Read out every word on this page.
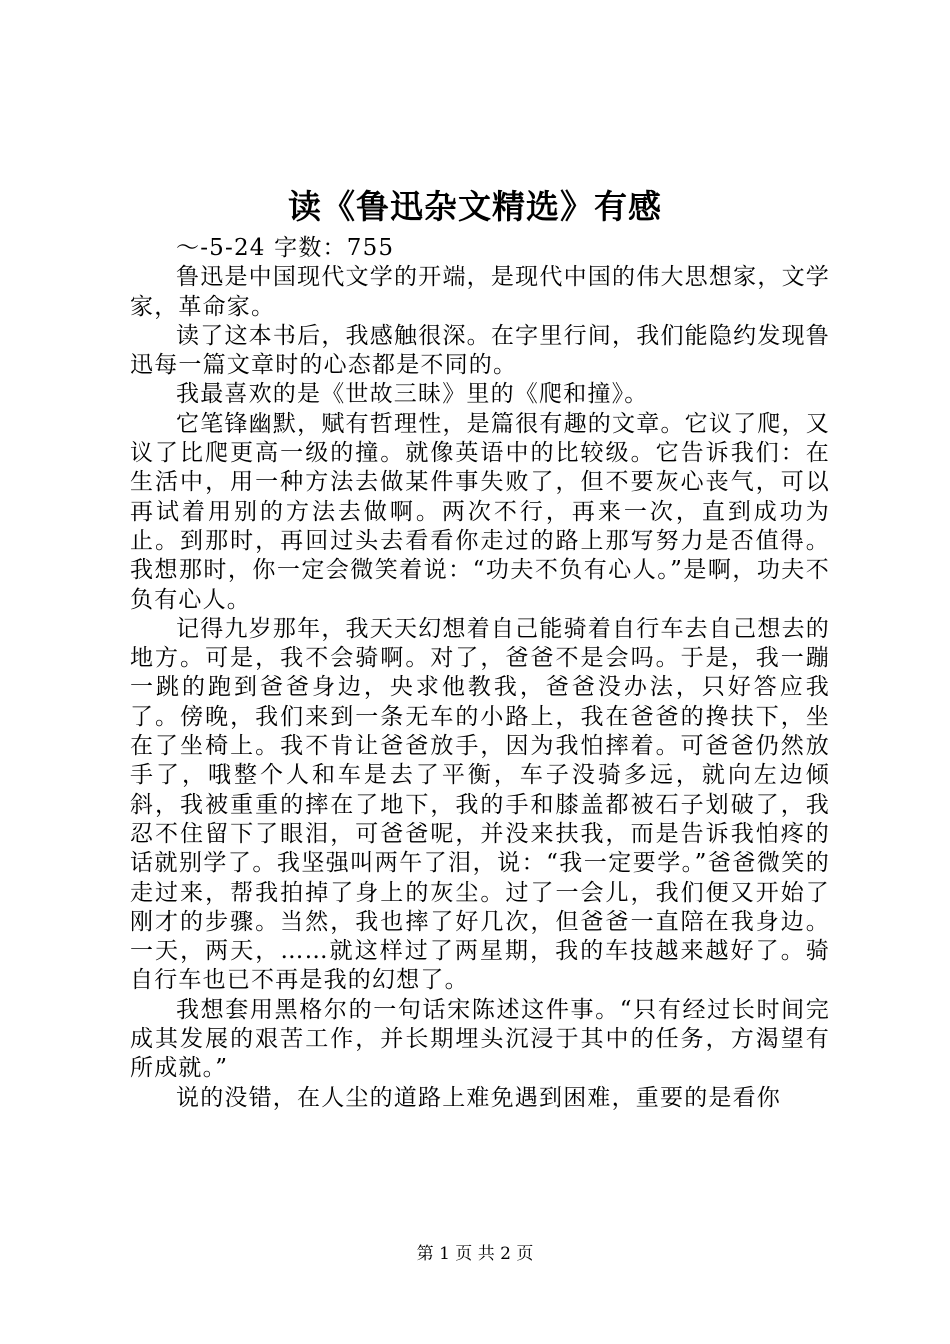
读《鲁迅杂文精选》有感

～-5-24 字数：755

鲁迅是中国现代文学的开端，是现代中国的伟大思想家，文学家，革命家。

读了这本书后，我感触很深。在字里行间，我们能隐约发现鲁迅每一篇文章时的心态都是不同的。

我最喜欢的是《世故三昧》里的《爬和撞》。

它笔锋幽默，赋有哲理性，是篇很有趣的文章。它议了爬，又议了比爬更高一级的撞。就像英语中的比较级。它告诉我们：在生活中，用一种方法去做某件事失败了，但不要灰心丧气，可以再试着用别的方法去做啊。两次不行，再来一次，直到成功为止。到那时，再回过头去看看你走过的路上那写努力是否值得。我想那时，你一定会微笑着说：“功夫不负有心人。”是啊，功夫不负有心人。

记得九岁那年，我天天幻想着自己能骑着自行车去自己想去的地方。可是，我不会骑啊。对了，爸爸不是会吗。于是，我一蹦一跳的跑到爸爸身边，央求他教我，爸爸没办法，只好答应我了。傍晚，我们来到一条无车的小路上，我在爸爸的搀扶下，坐在了坐椅上。我不肯让爸爸放手，因为我怕摔着。可爸爸仍然放手了，哦整个人和车是去了平衡，车子没骑多远，就向左边倾斜，我被重重的摔在了地下，我的手和膝盖都被石子划破了，我忍不住留下了眼泪，可爸爸呢，并没来扶我，而是告诉我怕疼的话就别学了。我坚强叫两午了泪，说：“我一定要学。”爸爸微笑的走过来，帮我拍掉了身上的灰尘。过了一会儿，我们便又开始了刚才的步骤。当然，我也摔了好几次，但爸爸一直陪在我身边。一天，两天，……就这样过了两星期，我的车技越来越好了。骑自行车也已不再是我的幻想了。

我想套用黑格尔的一句话宋陈述这件事。“只有经过长时间完成其发展的艰苦工作，并长期埋头沉浸于其中的任务，方渴望有所成就。”

说的没错，在人尘的道路上难免遇到困难，重要的是看你

第 1 页 共 2 页
